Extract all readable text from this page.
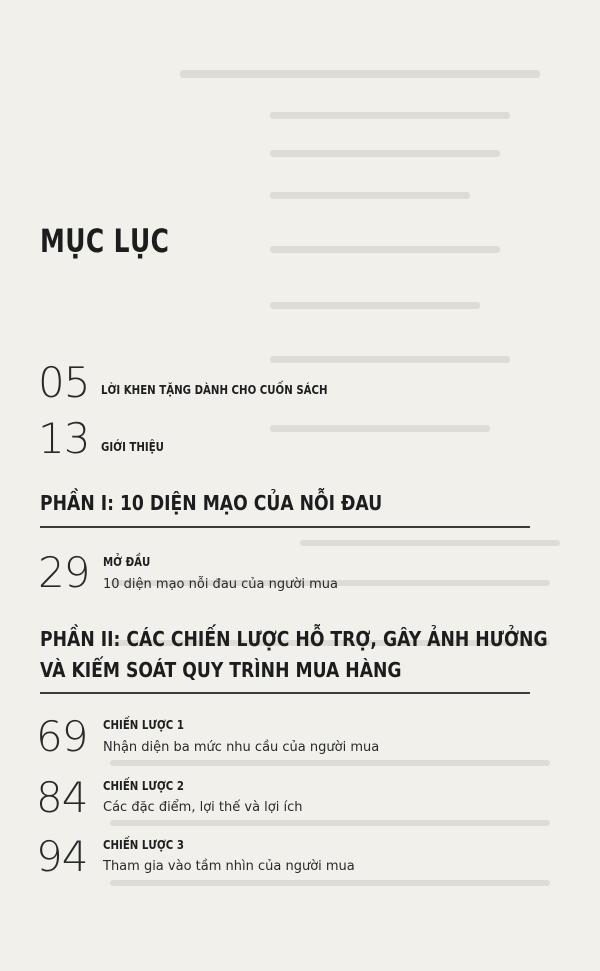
MỤC LỤC
05 LỜI KHEN TẶNG DÀNH CHO CUỐN SÁCH
13 GIỚI THIỆU
PHẦN I: 10 DIỆN MẠO CỦA NỖI ĐAU
29 MỞ ĐẦU
10 diện mạo nỗi đau của người mua
PHẦN II: CÁC CHIẾN LƯỢC HỖ TRỢ, GÂY ẢNH HƯỞNG
VÀ KIỂM SOÁT QUY TRÌNH MUA HÀNG
69 CHIẾN LƯỢC 1
Nhận diện ba mức nhu cầu của người mua
84 CHIẾN LƯỢC 2
Các đặc điểm, lợi thế và lợi ích
94 CHIẾN LƯỢC 3
Tham gia vào tầm nhìn của người mua
